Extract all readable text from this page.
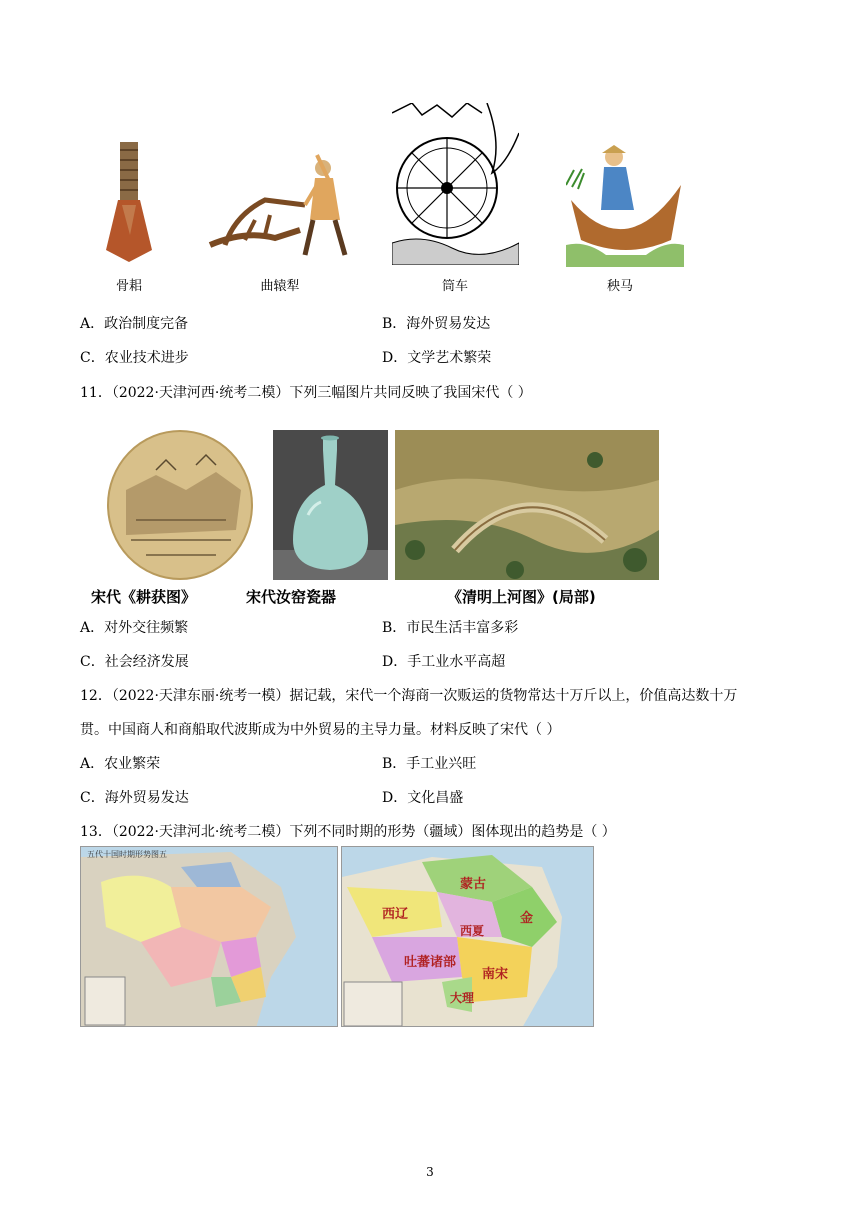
骨耜	曲辕犁	筒车	秧马
A．政治制度完备	B．海外贸易发达
C．农业技术进步	D．文学艺术繁荣
11．（2022·天津河西·统考二模）下列三幅图片共同反映了我国宋代（ ）
宋代《耕获图》	宋代汝窑瓷器	《清明上河图》(局部)
A．对外交往频繁	B．市民生活丰富多彩
C．社会经济发展	D．手工业水平高超
12．（2022·天津东丽·统考一模）据记载，宋代一个海商一次贩运的货物常达十万斤以上，价值高达数十万
贯。中国商人和商船取代波斯成为中外贸易的主导力量。材料反映了宋代（ ）
A．农业繁荣	B．手工业兴旺
C．海外贸易发达	D．文化昌盛
13．（2022·天津河北·统考二模）下列不同时期的形势（疆域）图体现出的趋势是（ ）
五代十国时期形势图五
蒙古
西辽	金
西夏
吐蕃诸部
南宋
大理
3
